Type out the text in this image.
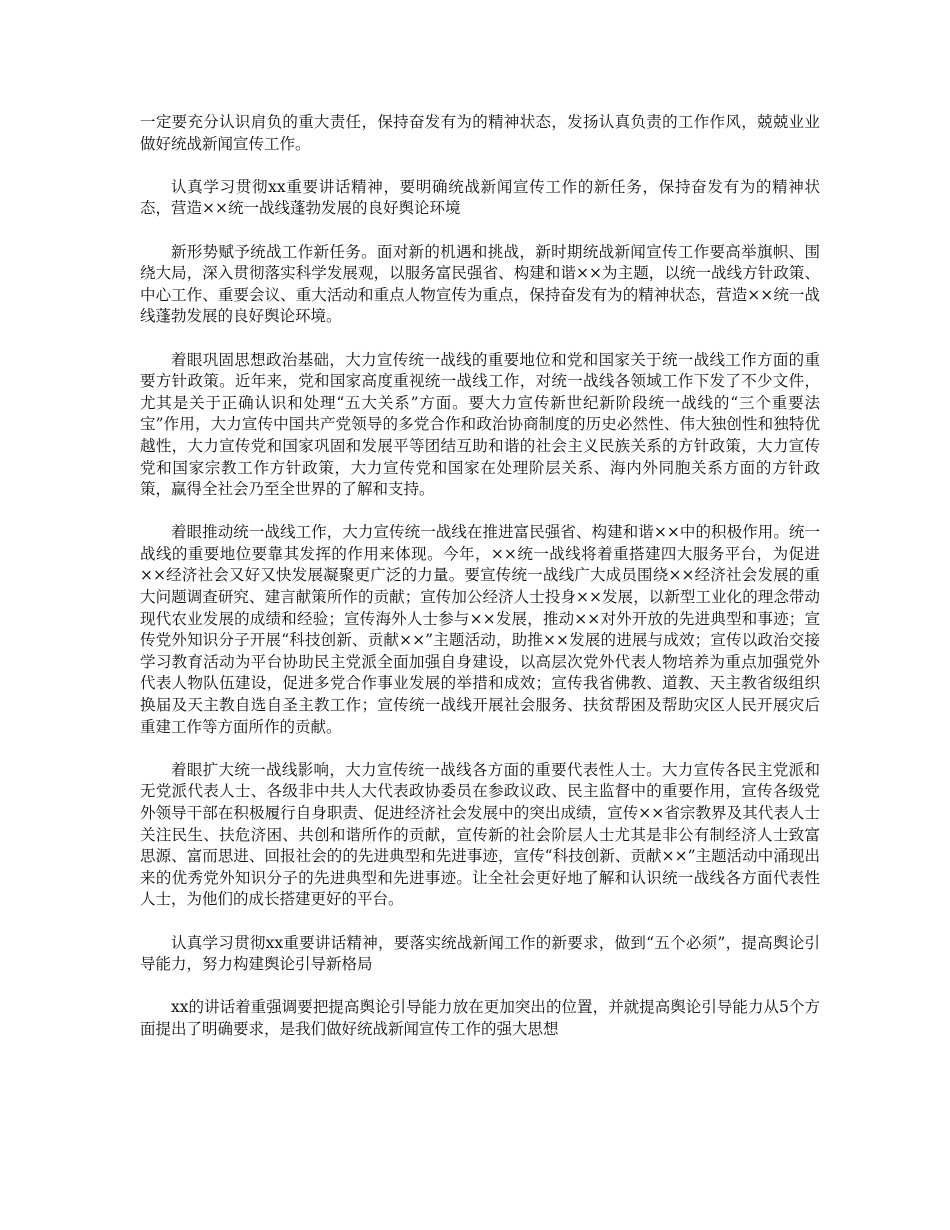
一定要充分认识肩负的重大责任，保持奋发有为的精神状态，发扬认真负责的工作作风，兢兢业业做好统战新闻宣传工作。

认真学习贯彻xx重要讲话精神，要明确统战新闻宣传工作的新任务，保持奋发有为的精神状态，营造××统一战线蓬勃发展的良好舆论环境

新形势赋予统战工作新任务。面对新的机遇和挑战，新时期统战新闻宣传工作要高举旗帜、围绕大局，深入贯彻落实科学发展观，以服务富民强省、构建和谐××为主题，以统一战线方针政策、中心工作、重要会议、重大活动和重点人物宣传为重点，保持奋发有为的精神状态，营造××统一战线蓬勃发展的良好舆论环境。

着眼巩固思想政治基础，大力宣传统一战线的重要地位和党和国家关于统一战线工作方面的重要方针政策。近年来，党和国家高度重视统一战线工作，对统一战线各领域工作下发了不少文件，尤其是关于正确认识和处理“五大关系”方面。要大力宣传新世纪新阶段统一战线的“三个重要法宝”作用，大力宣传中国共产党领导的多党合作和政治协商制度的历史必然性、伟大独创性和独特优越性，大力宣传党和国家巩固和发展平等团结互助和谐的社会主义民族关系的方针政策，大力宣传党和国家宗教工作方针政策，大力宣传党和国家在处理阶层关系、海内外同胞关系方面的方针政策，赢得全社会乃至全世界的了解和支持。

着眼推动统一战线工作，大力宣传统一战线在推进富民强省、构建和谐××中的积极作用。统一战线的重要地位要靠其发挥的作用来体现。今年，××统一战线将着重搭建四大服务平台，为促进××经济社会又好又快发展凝聚更广泛的力量。要宣传统一战线广大成员围绕××经济社会发展的重大问题调查研究、建言献策所作的贡献；宣传加公经济人士投身××发展，以新型工业化的理念带动现代农业发展的成绩和经验；宣传海外人士参与××发展，推动××对外开放的先进典型和事迹；宣传党外知识分子开展“科技创新、贡献××”主题活动，助推××发展的进展与成效；宣传以政治交接学习教育活动为平台协助民主党派全面加强自身建设，以高层次党外代表人物培养为重点加强党外代表人物队伍建设，促进多党合作事业发展的举措和成效；宣传我省佛教、道教、天主教省级组织换届及天主教自选自圣主教工作；宣传统一战线开展社会服务、扶贫帮困及帮助灾区人民开展灾后重建工作等方面所作的贡献。

着眼扩大统一战线影响，大力宣传统一战线各方面的重要代表性人士。大力宣传各民主党派和无党派代表人士、各级非中共人大代表政协委员在参政议政、民主监督中的重要作用，宣传各级党外领导干部在积极履行自身职责、促进经济社会发展中的突出成绩，宣传××省宗教界及其代表人士关注民生、扶危济困、共创和谐所作的贡献，宣传新的社会阶层人士尤其是非公有制经济人士致富思源、富而思进、回报社会的的先进典型和先进事迹，宣传“科技创新、贡献××”主题活动中涌现出来的优秀党外知识分子的先进典型和先进事迹。让全社会更好地了解和认识统一战线各方面代表性人士，为他们的成长搭建更好的平台。

认真学习贯彻xx重要讲话精神，要落实统战新闻工作的新要求，做到“五个必须”，提高舆论引导能力，努力构建舆论引导新格局

xx的讲话着重强调要把提高舆论引导能力放在更加突出的位置，并就提高舆论引导能力从5个方面提出了明确要求，是我们做好统战新闻宣传工作的强大思想
